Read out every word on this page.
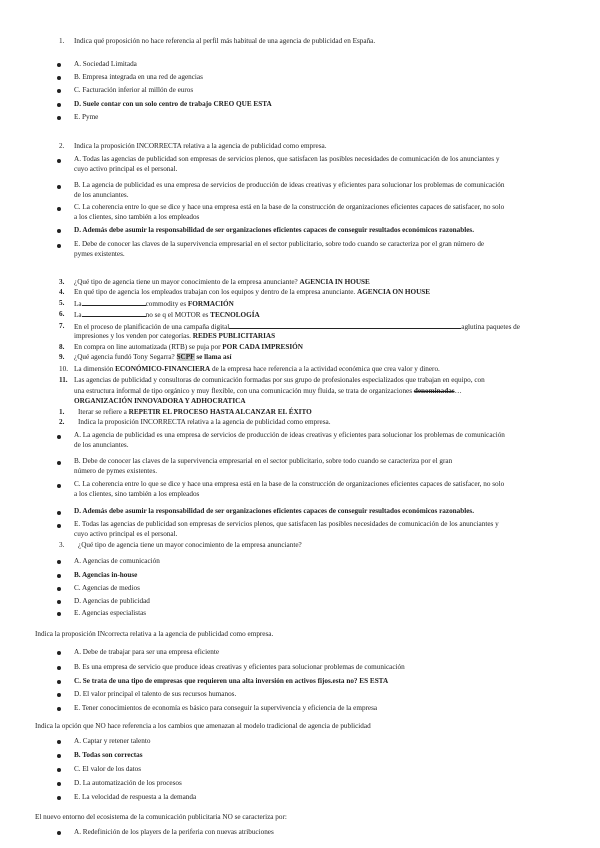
1.	Indica qué proposición no hace referencia al perfil más habitual de una agencia de publicidad en España.
A. Sociedad Limitada
B. Empresa integrada en una red de agencias
C. Facturación inferior al millón de euros
D. Suele contar con un solo centro de trabajo CREO QUE ESTA
E. Pyme
2.	Indica la proposición INCORRECTA relativa a la agencia de publicidad como empresa.
A. Todas las agencias de publicidad son empresas de servicios plenos, que satisfacen las posibles necesidades de comunicación de los anunciantes y
cuyo activo principal es el personal.
B. La agencia de publicidad es una empresa de servicios de producción de ideas creativas y eficientes para solucionar los problemas de comunicación
de los anunciantes.
C. La coherencia entre lo que se dice y hace una empresa está en la base de la construcción de organizaciones eficientes capaces de satisfacer, no solo
a los clientes, sino también a los empleados
D. Además debe asumir la responsabilidad de ser organizaciones eficientes capaces de conseguir resultados económicos razonables.
E. Debe de conocer las claves de la supervivencia empresarial en el sector publicitario, sobre todo cuando se caracteriza por el gran número de
pymes existentes.
3.	¿Qué tipo de agencia tiene un mayor conocimiento de la empresa anunciante? AGENCIA IN HOUSE
4.	En qué tipo de agencia los empleados trabajan con los equipos y dentro de la empresa anunciante. AGENCIA ON HOUSE
5.	La	commodity es FORMACIÓN
6.	La	no se q el MOTOR es TECNOLOGÍA
7.	En el proceso de planificación de una campaña digital	aglutina paquetes de
impresiones y los venden por categorías. REDES PUBLICITARIAS
8.	En compra on line automatizada (RTB) se puja por POR CADA IMPRESIÓN
9.	¿Qué agencia fundó Tony Segarra? SCPF se llama así
10. La dimensión ECONÓMICO-FINANCIERA de la empresa hace referencia a la actividad económica que crea valor y dinero.
11. Las agencias de publicidad y consultoras de comunicación formadas por sus grupo de profesionales especializados que trabajan en equipo, con
una estructura informal de tipo orgánico y muy flexible, con una comunicación muy fluida, se trata de organizaciones denominadas…
ORGANIZACIÓN INNOVADORA Y ADHOCRATICA
1.	Iterar se refiere a REPETIR EL PROCESO HASTA ALCANZAR EL ÉXITO
2.	Indica la proposición INCORRECTA relativa a la agencia de publicidad como empresa.
A. La agencia de publicidad es una empresa de servicios de producción de ideas creativas y eficientes para solucionar los problemas de comunicación
de los anunciantes.
B. Debe de conocer las claves de la supervivencia empresarial en el sector publicitario, sobre todo cuando se caracteriza por el gran
número de pymes existentes.
C. La coherencia entre lo que se dice y hace una empresa está en la base de la construcción de organizaciones eficientes capaces de satisfacer, no solo
a los clientes, sino también a los empleados
D. Además debe asumir la responsabilidad de ser organizaciones eficientes capaces de conseguir resultados económicos razonables.
E. Todas las agencias de publicidad son empresas de servicios plenos, que satisfacen las posibles necesidades de comunicación de los anunciantes y
cuyo activo principal es el personal.
3.	¿Qué tipo de agencia tiene un mayor conocimiento de la empresa anunciante?
A. Agencias de comunicación
B. Agencias in-house
C. Agencias de medios
D. Agencias de publicidad
E. Agencias especialistas
Indica la proposición INcorrecta relativa a la agencia de publicidad como empresa.
A. Debe de trabajar para ser una empresa eficiente
B. Es una empresa de servicio que produce ideas creativas y eficientes para solucionar problemas de comunicación
C. Se trata de una tipo de empresas que requieren una alta inversión en activos fijos.esta no? ES ESTA
D. El valor principal el talento de sus recursos humanos.
E. Tener conocimientos de economía es básico para conseguir la supervivencia y eficiencia de la empresa
Indica la opción que NO hace referencia a los cambios que amenazan al modelo tradicional de agencia de publicidad
A. Captar y retener talento
B. Todas son correctas
C. El valor de los datos
D. La automatización de los procesos
E. La velocidad de respuesta a la demanda
El nuevo entorno del ecosistema de la comunicación publicitaria NO se caracteriza por:
A. Redefinición de los players de la periferia con nuevas atribuciones
